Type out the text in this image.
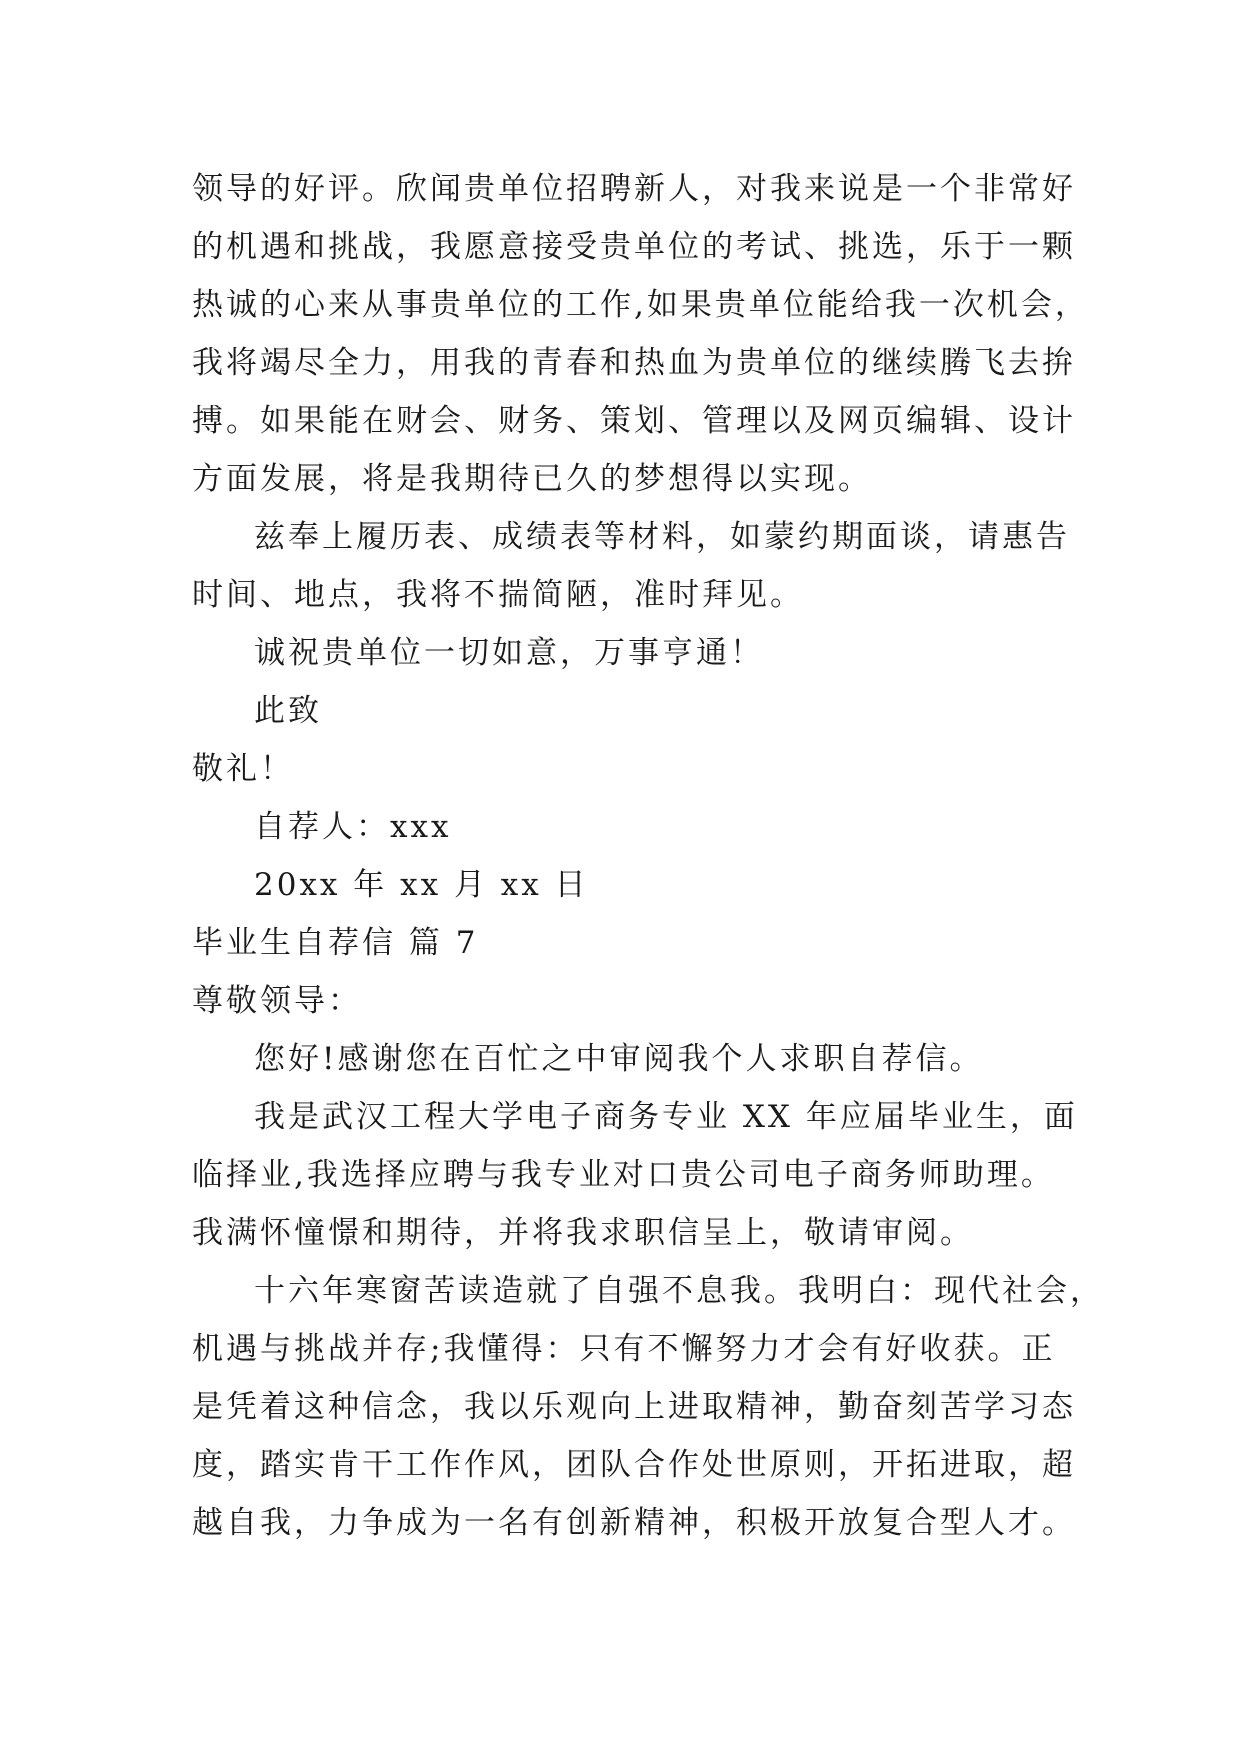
领导的好评。欣闻贵单位招聘新人，对我来说是一个非常好

的机遇和挑战，我愿意接受贵单位的考试、挑选，乐于一颗

热诚的心来从事贵单位的工作,如果贵单位能给我一次机会，

我将竭尽全力，用我的青春和热血为贵单位的继续腾飞去拚

搏。如果能在财会、财务、策划、管理以及网页编辑、设计

方面发展，将是我期待已久的梦想得以实现。

兹奉上履历表、成绩表等材料，如蒙约期面谈，请惠告

时间、地点，我将不揣简陋，准时拜见。

诚祝贵单位一切如意，万事亨通！

此致

敬礼！

自荐人：xxx

20xx 年 xx 月 xx 日

毕业生自荐信 篇 7

尊敬领导：

您好!感谢您在百忙之中审阅我个人求职自荐信。

我是武汉工程大学电子商务专业 XX 年应届毕业生，面

临择业,我选择应聘与我专业对口贵公司电子商务师助理。

我满怀憧憬和期待，并将我求职信呈上，敬请审阅。

十六年寒窗苦读造就了自强不息我。我明白：现代社会，

机遇与挑战并存;我懂得：只有不懈努力才会有好收获。正

是凭着这种信念，我以乐观向上进取精神，勤奋刻苦学习态

度，踏实肯干工作作风，团队合作处世原则，开拓进取，超

越自我，力争成为一名有创新精神，积极开放复合型人才。
